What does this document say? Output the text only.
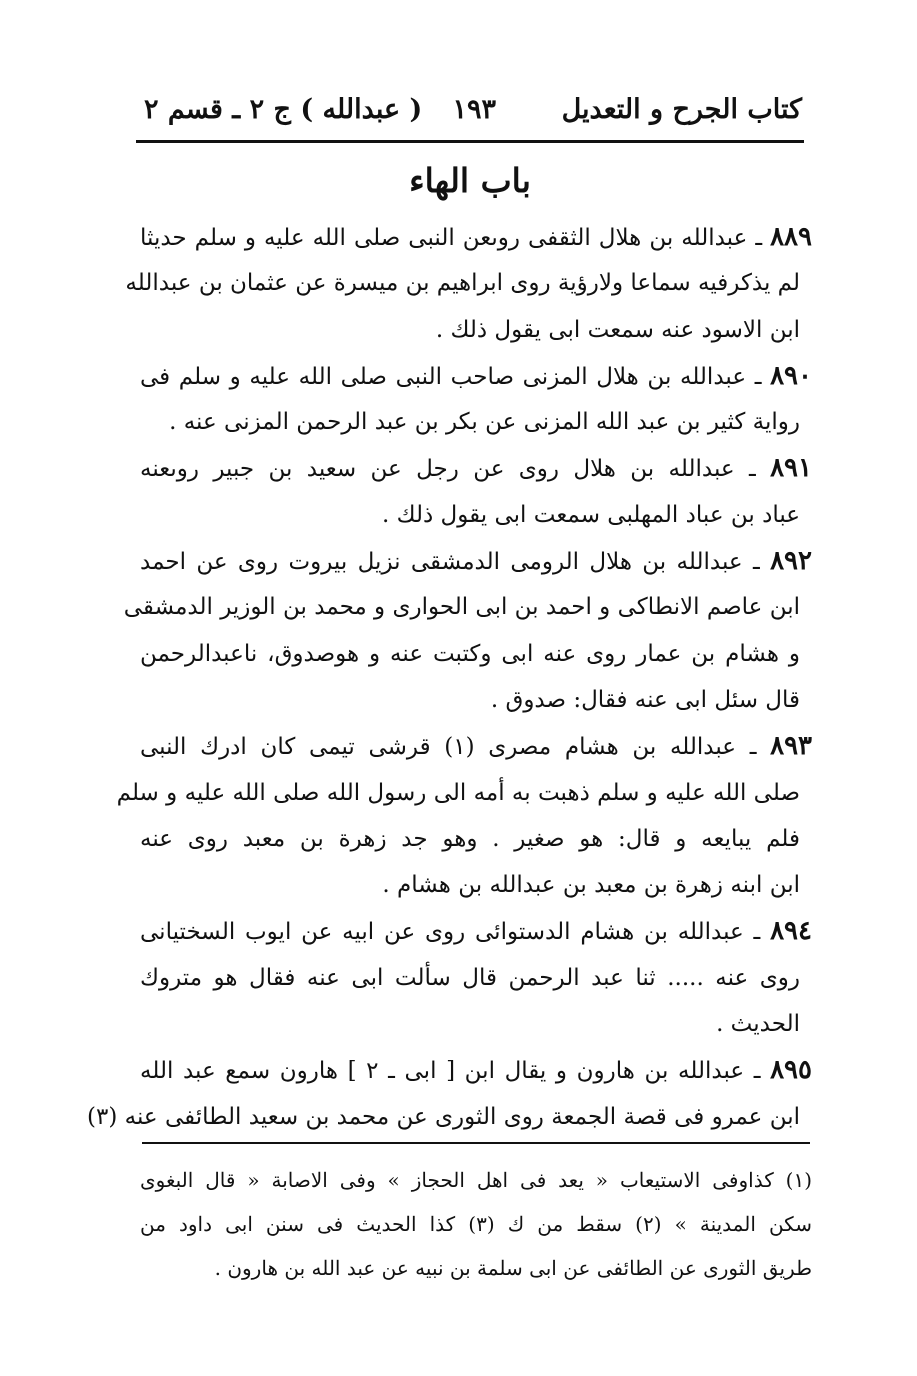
كتاب الجرح و التعديل
١٩٣
( عبدالله ) ج ٢ ـ قسم ٢
باب الهاء
٨٨٩ ـ عبدالله بن هلال الثقفى روىعن النبى صلى الله عليه و سلم حديثا
لم يذكرفيه سماعا ولارؤية روى ابراهيم بن ميسرة عن عثمان بن عبدالله
ابن الاسود عنه سمعت ابى يقول ذلك .
٨٩٠ ـ عبدالله بن هلال المزنى صاحب النبى صلى الله عليه و سلم فى
رواية كثير بن عبد الله المزنى عن بكر بن عبد الرحمن المزنى عنه .
٨٩١ ـ عبدالله بن هلال روى عن رجل عن سعيد بن جبير روىعنه
عباد بن عباد المهلبى سمعت ابى يقول ذلك .
٨٩٢ ـ عبدالله بن هلال الرومى الدمشقى نزيل بيروت روى عن احمد
ابن عاصم الانطاكى و احمد بن ابى الحوارى و محمد بن الوزير الدمشقى
و هشام بن عمار روى عنه ابى وكتبت عنه و هوصدوق، ناعبدالرحمن
قال سئل ابى عنه فقال: صدوق .
٨٩٣ ـ عبدالله بن هشام مصرى (١) قرشى تيمى كان ادرك النبى
صلى الله عليه و سلم ذهبت به أمه الى رسول الله صلى الله عليه و سلم
فلم يبايعه و قال: هو صغير . وهو جد زهرة بن معبد روى عنه
ابن ابنه زهرة بن معبد بن عبدالله بن هشام .
٨٩٤ ـ عبدالله بن هشام الدستوائى روى عن ابيه عن ايوب السختيانى
روى عنه ..... ثنا عبد الرحمن قال سألت ابى عنه فقال هو متروك
الحديث .
٨٩٥ ـ عبدالله بن هارون و يقال ابن [ ابى ـ ٢ ] هارون سمع عبد الله
ابن عمرو فى قصة الجمعة روى الثورى عن محمد بن سعيد الطائفى عنه (٣)
(١) كذاوفى الاستيعاب « يعد فى اهل الحجاز » وفى الاصابة « قال البغوى
سكن المدينة » (٢) سقط من ك (٣) كذا الحديث فى سنن ابى داود من
طريق الثورى عن الطائفى عن ابى سلمة بن نبيه عن عبد الله بن هارون .
